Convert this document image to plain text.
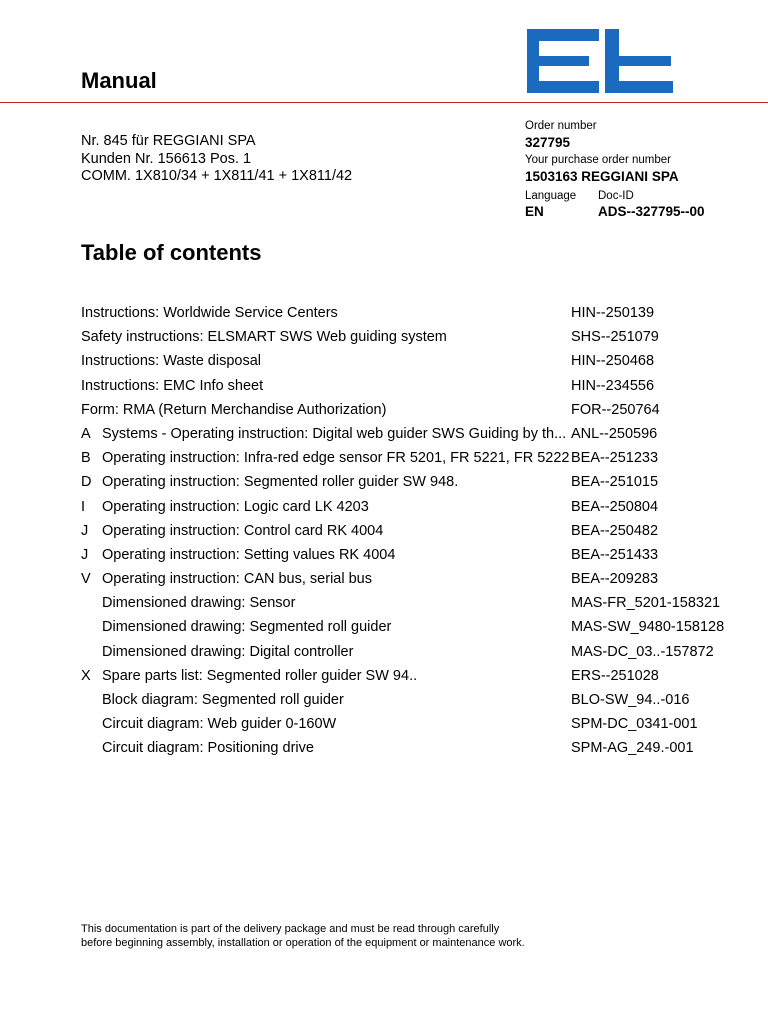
Manual
Nr. 845 für REGGIANI SPA
Kunden Nr. 156613 Pos. 1
COMM. 1X810/34 + 1X811/41 + 1X811/42
Order number
327795
Your purchase order number
1503163 REGGIANI SPA
Language
EN
Doc-ID
ADS--327795--00
Table of contents
Instructions: Worldwide Service Centers	HIN--250139
Safety instructions: ELSMART SWS Web guiding system	SHS--251079
Instructions: Waste disposal	HIN--250468
Instructions: EMC Info sheet	HIN--234556
Form: RMA (Return Merchandise Authorization)	FOR--250764
A Systems - Operating instruction: Digital web guider SWS Guiding by th... ANL--250596
B Operating instruction: Infra-red edge sensor FR 5201, FR 5221, FR 5222 BEA--251233
D Operating instruction: Segmented roller guider SW 948.	BEA--251015
I Operating instruction: Logic card LK 4203	BEA--250804
J Operating instruction: Control card RK 4004	BEA--250482
J Operating instruction: Setting values RK 4004	BEA--251433
V Operating instruction: CAN bus, serial bus	BEA--209283
Dimensioned drawing: Sensor	MAS-FR_5201-158321
Dimensioned drawing: Segmented roll guider	MAS-SW_9480-158128
Dimensioned drawing: Digital controller	MAS-DC_03..-157872
X Spare parts list: Segmented roller guider SW 94..	ERS--251028
Block diagram: Segmented roll guider	BLO-SW_94..-016
Circuit diagram: Web guider 0-160W	SPM-DC_0341-001
Circuit diagram: Positioning drive	SPM-AG_249.-001
This documentation is part of the delivery package and must be read through carefully
before beginning assembly, installation or operation of the equipment or maintenance work.
